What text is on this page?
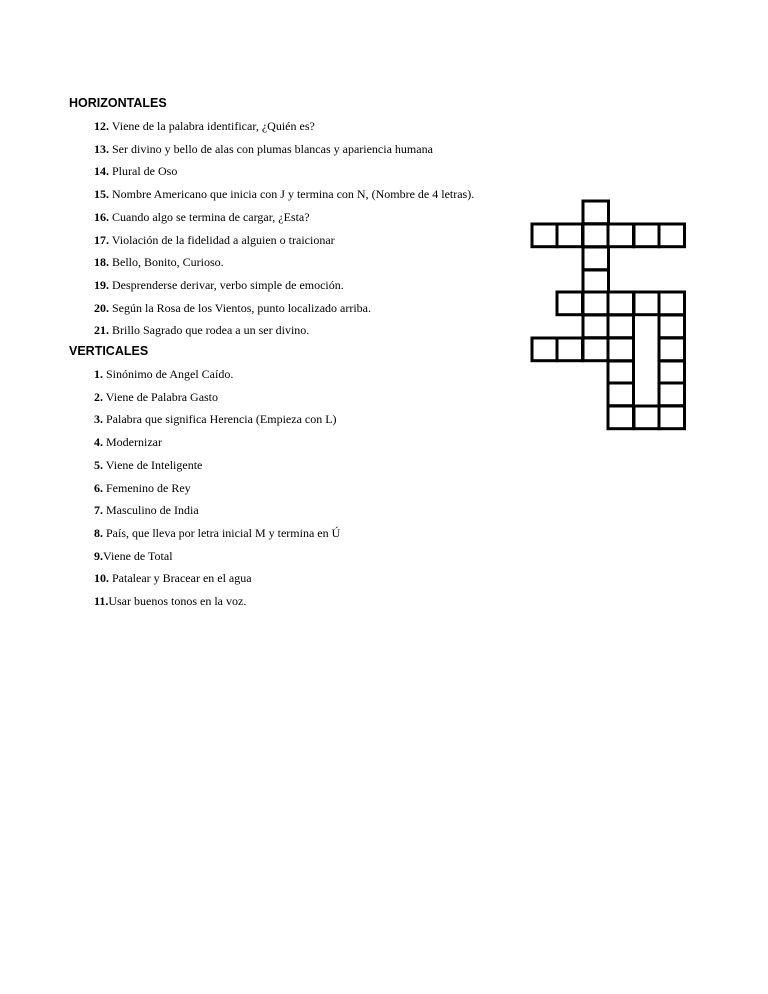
HORIZONTALES
12. Viene de la palabra identificar, ¿Quién es?
13. Ser divino y bello de alas con plumas blancas y apariencia humana
14. Plural de Oso
15. Nombre Americano que inicia con J y termina con N, (Nombre de 4 letras).
16. Cuando algo se termina de cargar, ¿Esta?
17. Violación de la fidelidad a alguien o traicionar
18. Bello, Bonito, Curioso.
19. Desprenderse derivar, verbo simple de emoción.
20. Según la Rosa de los Vientos, punto localizado arriba.
21. Brillo Sagrado que rodea a un ser divino.
VERTICALES
1. Sinónimo de Angel Caído.
2. Viene de Palabra Gasto
3. Palabra que significa Herencia (Empieza con L)
4. Modernizar
5. Viene de Inteligente
6. Femenino de Rey
7. Masculino de India
8. País, que lleva por letra inicial M y termina en Ú
9.Viene de Total
10. Patalear y Bracear en el agua
11.Usar buenos tonos en la voz.
